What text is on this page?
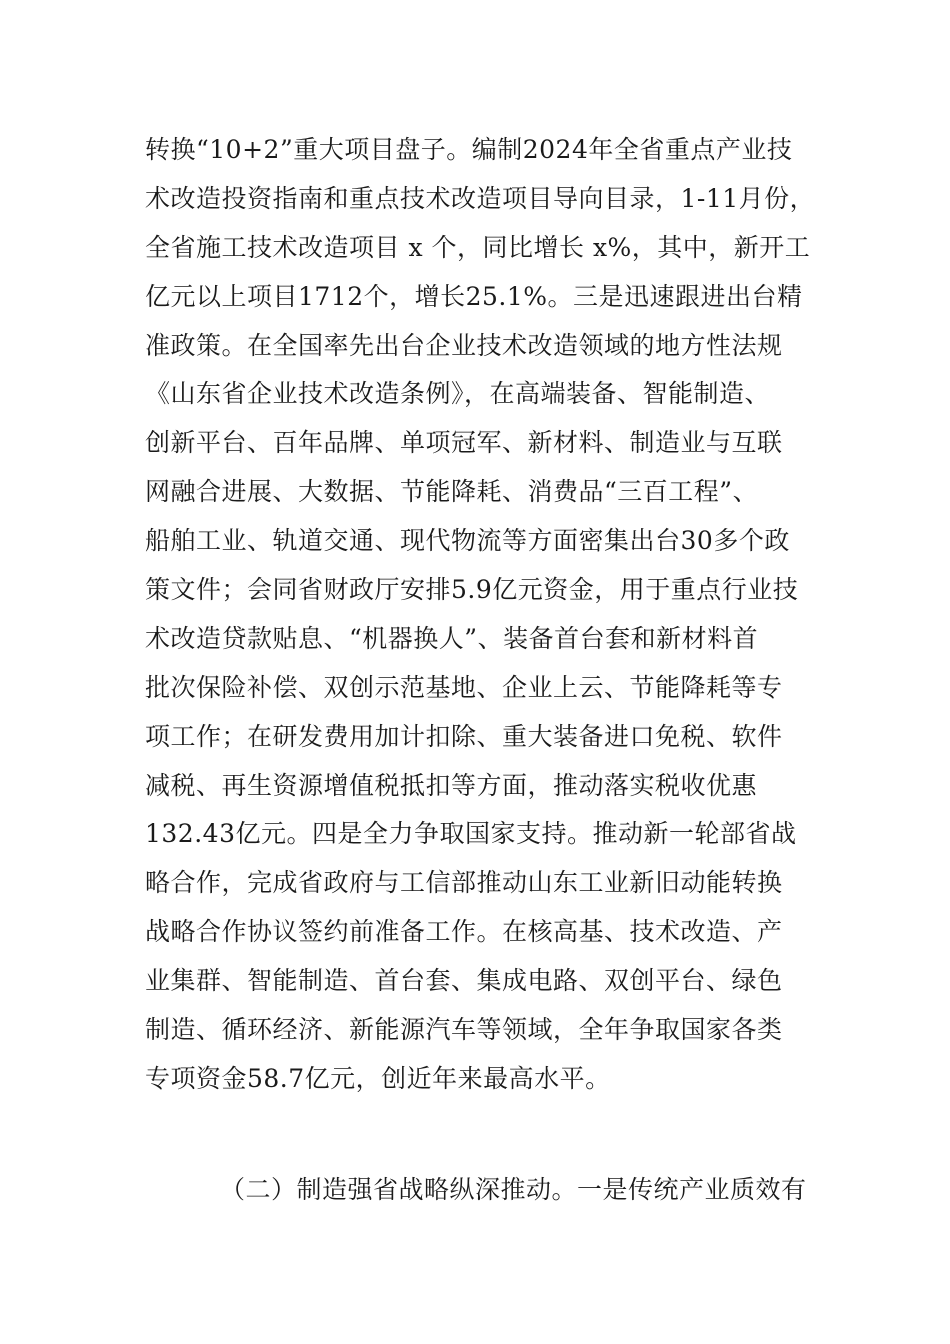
转换“10+2”重大项目盘子。编制2024年全省重点产业技
术改造投资指南和重点技术改造项目导向目录，1-11月份，
全省施工技术改造项目 x 个，同比增长 x%，其中，新开工
亿元以上项目1712个，增长25.1%。三是迅速跟进出台精
准政策。在全国率先出台企业技术改造领域的地方性法规
《山东省企业技术改造条例》，在高端装备、智能制造、
创新平台、百年品牌、单项冠军、新材料、制造业与互联
网融合进展、大数据、节能降耗、消费品“三百工程”、
船舶工业、轨道交通、现代物流等方面密集出台30多个政
策文件；会同省财政厅安排5.9亿元资金，用于重点行业技
术改造贷款贴息、“机器换人”、装备首台套和新材料首
批次保险补偿、双创示范基地、企业上云、节能降耗等专
项工作；在研发费用加计扣除、重大装备进口免税、软件
减税、再生资源增值税抵扣等方面，推动落实税收优惠
132.43亿元。四是全力争取国家支持。推动新一轮部省战
略合作，完成省政府与工信部推动山东工业新旧动能转换
战略合作协议签约前准备工作。在核高基、技术改造、产
业集群、智能制造、首台套、集成电路、双创平台、绿色
制造、循环经济、新能源汽车等领域，全年争取国家各类
专项资金58.7亿元，创近年来最高水平。
（二）制造强省战略纵深推动。一是传统产业质效有
